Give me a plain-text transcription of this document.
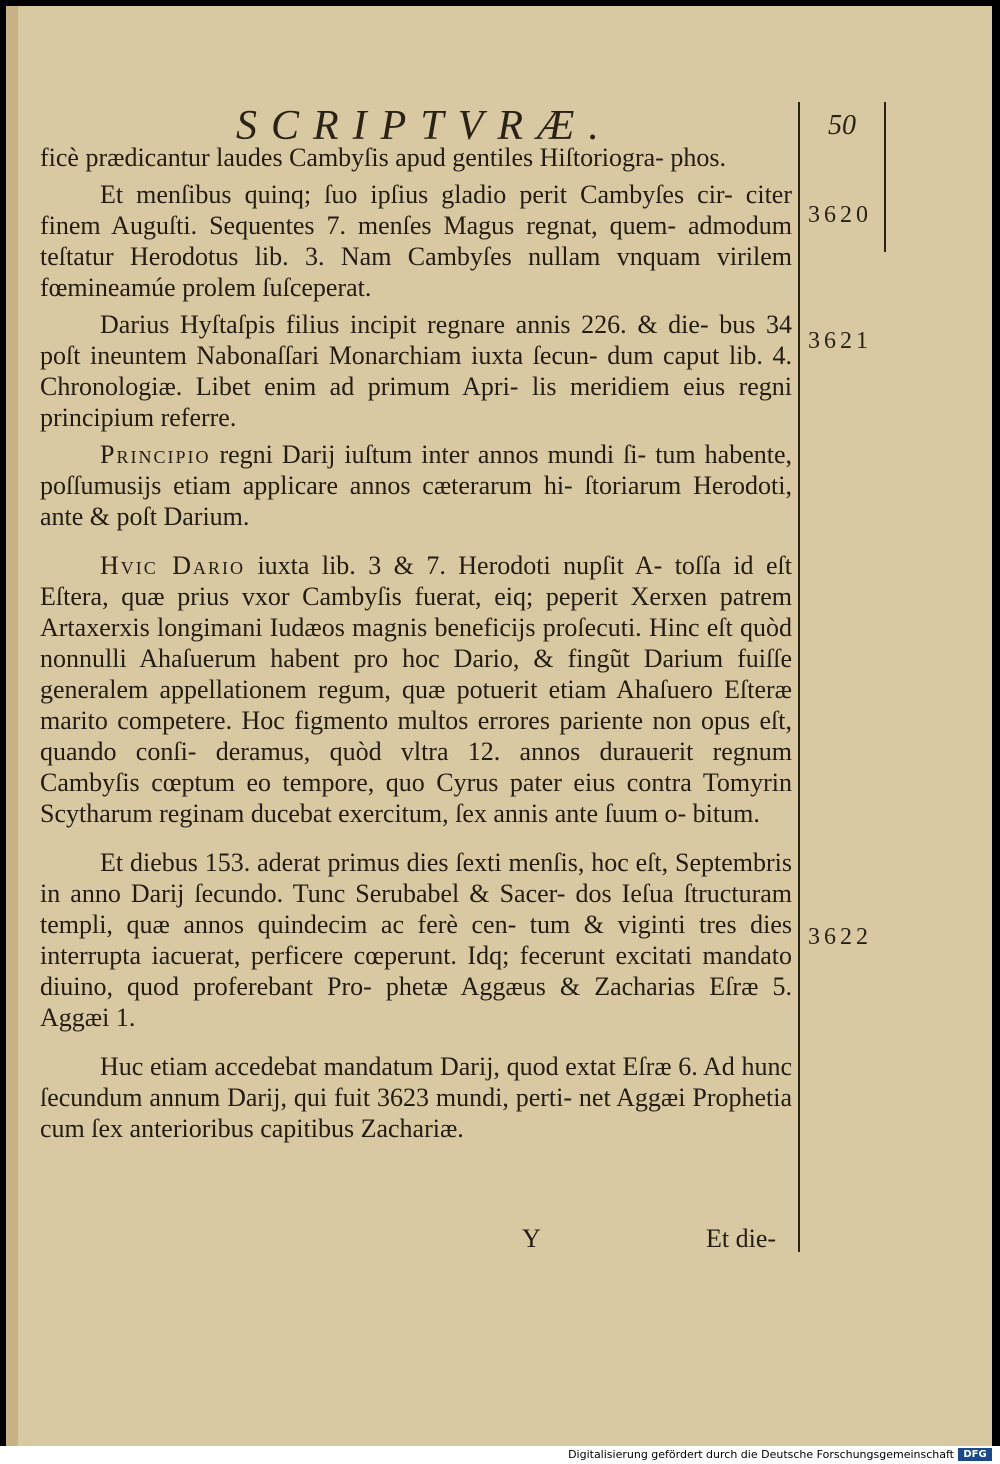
SCRIPTVRÆ.	50
3620
3621
3622

ficè prædicantur laudes Cambyſis apud gentiles Hiſtoriogra- phos.

Et menſibus quinq; ſuo ipſius gladio perit Cambyſes cir- citer finem Auguſti. Sequentes 7. menſes Magus regnat, quem- admodum teſtatur Herodotus lib. 3. Nam Cambyſes nullam vnquam virilem fœmineamúe prolem ſuſceperat.

Darius Hyſtaſpis filius incipit regnare annis 226. & die- bus 34 poſt ineuntem Nabonaſſari Monarchiam iuxta ſecun- dum caput lib. 4. Chronologiæ. Libet enim ad primum Apri- lis meridiem eius regni principium referre.

Principio regni Darij iuſtum inter annos mundi ſi- tum habente, poſſumusijs etiam applicare annos cæterarum hi- ſtoriarum Herodoti, ante & poſt Darium.

Hvic Dario iuxta lib. 3 & 7. Herodoti nupſit A- toſſa id eſt Eſtera, quæ prius vxor Cambyſis fuerat, eiq; peperit Xerxen patrem Artaxerxis longimani Iudæos magnis beneficijs proſecuti. Hinc eſt quòd nonnulli Ahaſuerum habent pro hoc Dario, & fingũt Darium fuiſſe generalem appellationem regum, quæ potuerit etiam Ahaſuero Eſteræ marito competere. Hoc figmento multos errores pariente non opus eſt, quando conſi- deramus, quòd vltra 12. annos durauerit regnum Cambyſis cœptum eo tempore, quo Cyrus pater eius contra Tomyrin Scytharum reginam ducebat exercitum, ſex annis ante ſuum o- bitum.

Et diebus 153. aderat primus dies ſexti menſis, hoc eſt, Septembris in anno Darij ſecundo. Tunc Serubabel & Sacer- dos Ieſua ſtructuram templi, quæ annos quindecim ac ferè cen- tum & viginti tres dies interrupta iacuerat, perficere cœperunt. Idq; fecerunt excitati mandato diuino, quod proferebant Pro- phetæ Aggæus & Zacharias Eſræ 5. Aggæi 1.

Huc etiam accedebat mandatum Darij, quod extat Eſræ 6. Ad hunc ſecundum annum Darij, qui fuit 3623 mundi, perti- net Aggæi Prophetia cum ſex anterioribus capitibus Zachariæ.

Y	Et die-
Digitalisierung gefördert durch die Deutsche Forschungsgemeinschaft DFG
